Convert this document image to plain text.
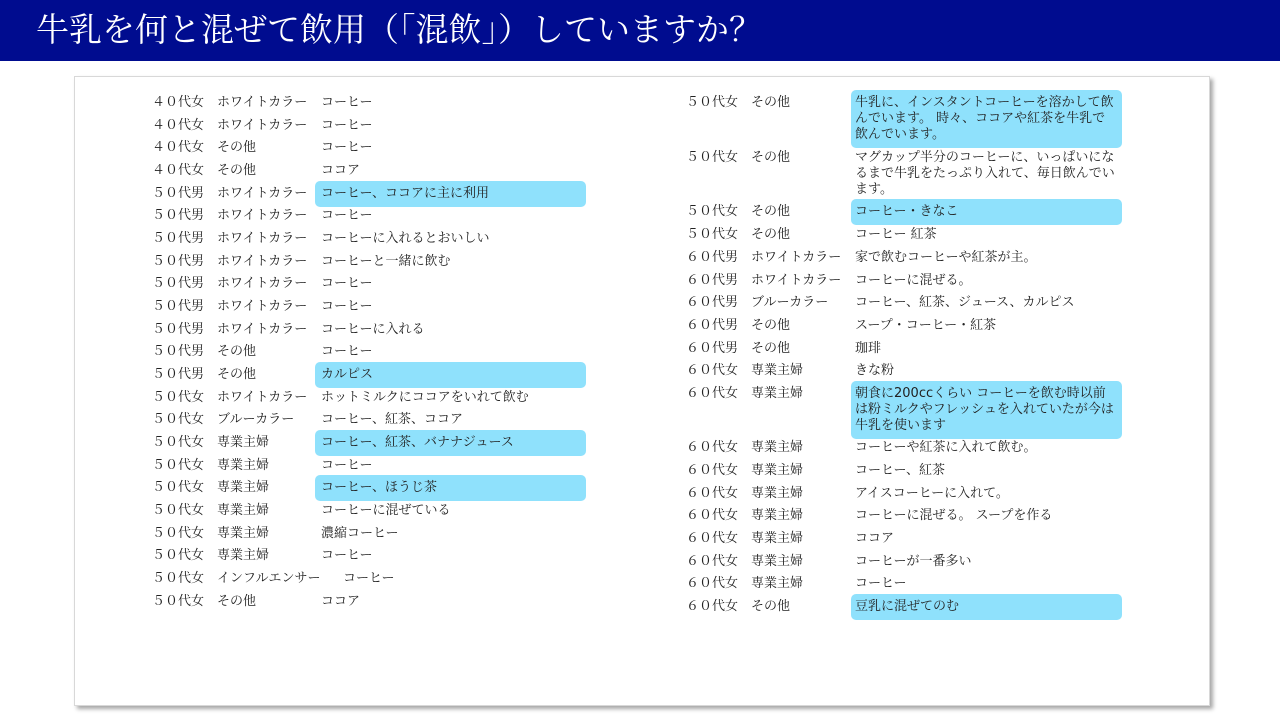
牛乳を何と混ぜて飲用（「混飲」）していますか？
４０代女 ホワイトカラー コーヒー
４０代女 ホワイトカラー コーヒー
４０代女 その他	コーヒー
４０代女 その他	ココア
５０代男 ホワイトカラー コーヒー、ココアに主に利用
５０代男 ホワイトカラー コーヒー
５０代男 ホワイトカラー コーヒーに入れるとおいしい
５０代男 ホワイトカラー コーヒーと一緒に飲む
５０代男 ホワイトカラー コーヒー
５０代男 ホワイトカラー コーヒー
５０代男 ホワイトカラー コーヒーに入れる
５０代男 その他	コーヒー
５０代男 その他	カルピス
５０代女 ホワイトカラー ホットミルクにココアをいれて飲む
５０代女 ブルーカラー コーヒー、紅茶、ココア
５０代女 専業主婦	コーヒー、紅茶、バナナジュース
５０代女 専業主婦	コーヒー
５０代女 専業主婦	コーヒー、ほうじ茶
５０代女 専業主婦	コーヒーに混ぜている
５０代女 専業主婦	濃縮コーヒー
５０代女 専業主婦	コーヒー
５０代女 インフルエンサー コーヒー
５０代女 その他	ココア
５０代女 その他	牛乳に、インスタントコーヒーを溶かして飲んでいます。 時々、ココアや紅茶を牛乳で飲んでいます。
５０代女 その他	マグカップ半分のコーヒーに、いっぱいになるまで牛乳をたっぷり入れて、毎日飲んでいます。
５０代女 その他	コーヒー・きなこ
５０代女 その他	コーヒー 紅茶
６０代男 ホワイトカラー 家で飲むコーヒーや紅茶が主。
６０代男 ホワイトカラー コーヒーに混ぜる。
６０代男 ブルーカラー コーヒー、紅茶、ジュース、カルピス
６０代男 その他	スープ・コーヒー・紅茶
６０代男 その他	珈琲
６０代女 専業主婦	きな粉
６０代女 専業主婦	朝食に200ccくらい コーヒーを飲む時以前は粉ミルクやフレッシュを入れていたが今は牛乳を使います
６０代女 専業主婦	コーヒーや紅茶に入れて飲む。
６０代女 専業主婦	コーヒー、紅茶
６０代女 専業主婦	アイスコーヒーに入れて。
６０代女 専業主婦	コーヒーに混ぜる。 スープを作る
６０代女 専業主婦	ココア
６０代女 専業主婦	コーヒーが一番多い
６０代女 専業主婦	コーヒー
６０代女 その他	豆乳に混ぜてのむ
